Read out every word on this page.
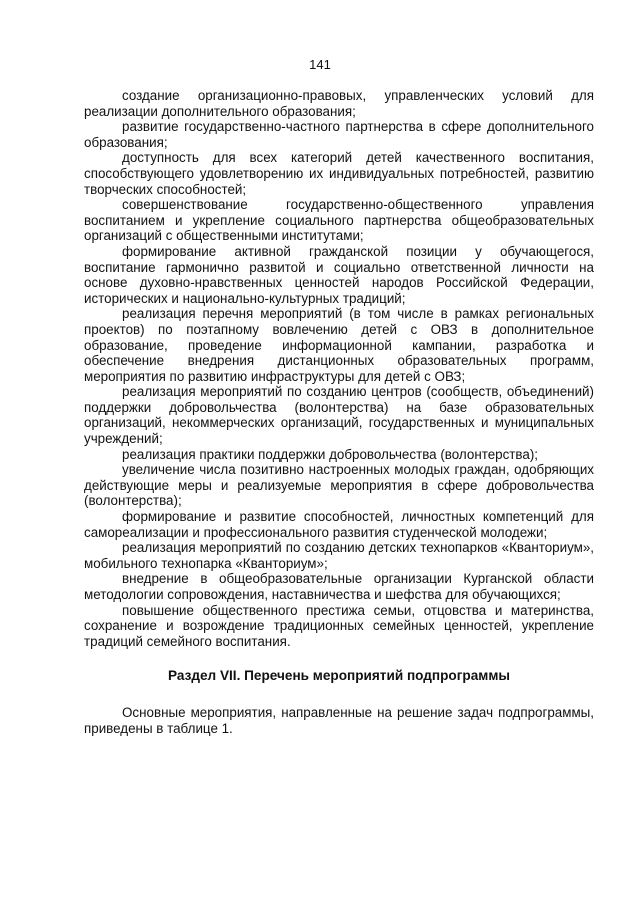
141

создание организационно-правовых, управленческих условий для реализации дополнительного образования;

развитие государственно-частного партнерства в сфере дополнительного образования;

доступность для всех категорий детей качественного воспитания, способствующего удовлетворению их индивидуальных потребностей, развитию творческих способностей;

совершенствование государственно-общественного управления воспитанием и укрепление социального партнерства общеобразовательных организаций с общественными институтами;

формирование активной гражданской позиции у обучающегося, воспитание гармонично развитой и социально ответственной личности на основе духовно-нравственных ценностей народов Российской Федерации, исторических и национально-культурных традиций;

реализация перечня мероприятий (в том числе в рамках региональных проектов) по поэтапному вовлечению детей с ОВЗ в дополнительное образование, проведение информационной кампании, разработка и обеспечение внедрения дистанционных образовательных программ, мероприятия по развитию инфраструктуры для детей с ОВЗ;

реализация мероприятий по созданию центров (сообществ, объединений) поддержки добровольчества (волонтерства) на базе образовательных организаций, некоммерческих организаций, государственных и муниципальных учреждений;

реализация практики поддержки добровольчества (волонтерства);

увеличение числа позитивно настроенных молодых граждан, одобряющих действующие меры и реализуемые мероприятия в сфере добровольчества (волонтерства);

формирование и развитие способностей, личностных компетенций для самореализации и профессионального развития студенческой молодежи;

реализация мероприятий по созданию детских технопарков «Кванториум», мобильного технопарка «Кванториум»;

внедрение в общеобразовательные организации Курганской области методологии сопровождения, наставничества и шефства для обучающихся;

повышение общественного престижа семьи, отцовства и материнства, сохранение и возрождение традиционных семейных ценностей, укрепление традиций семейного воспитания.

Раздел VII. Перечень мероприятий подпрограммы

Основные мероприятия, направленные на решение задач подпрограммы, приведены в таблице 1.
